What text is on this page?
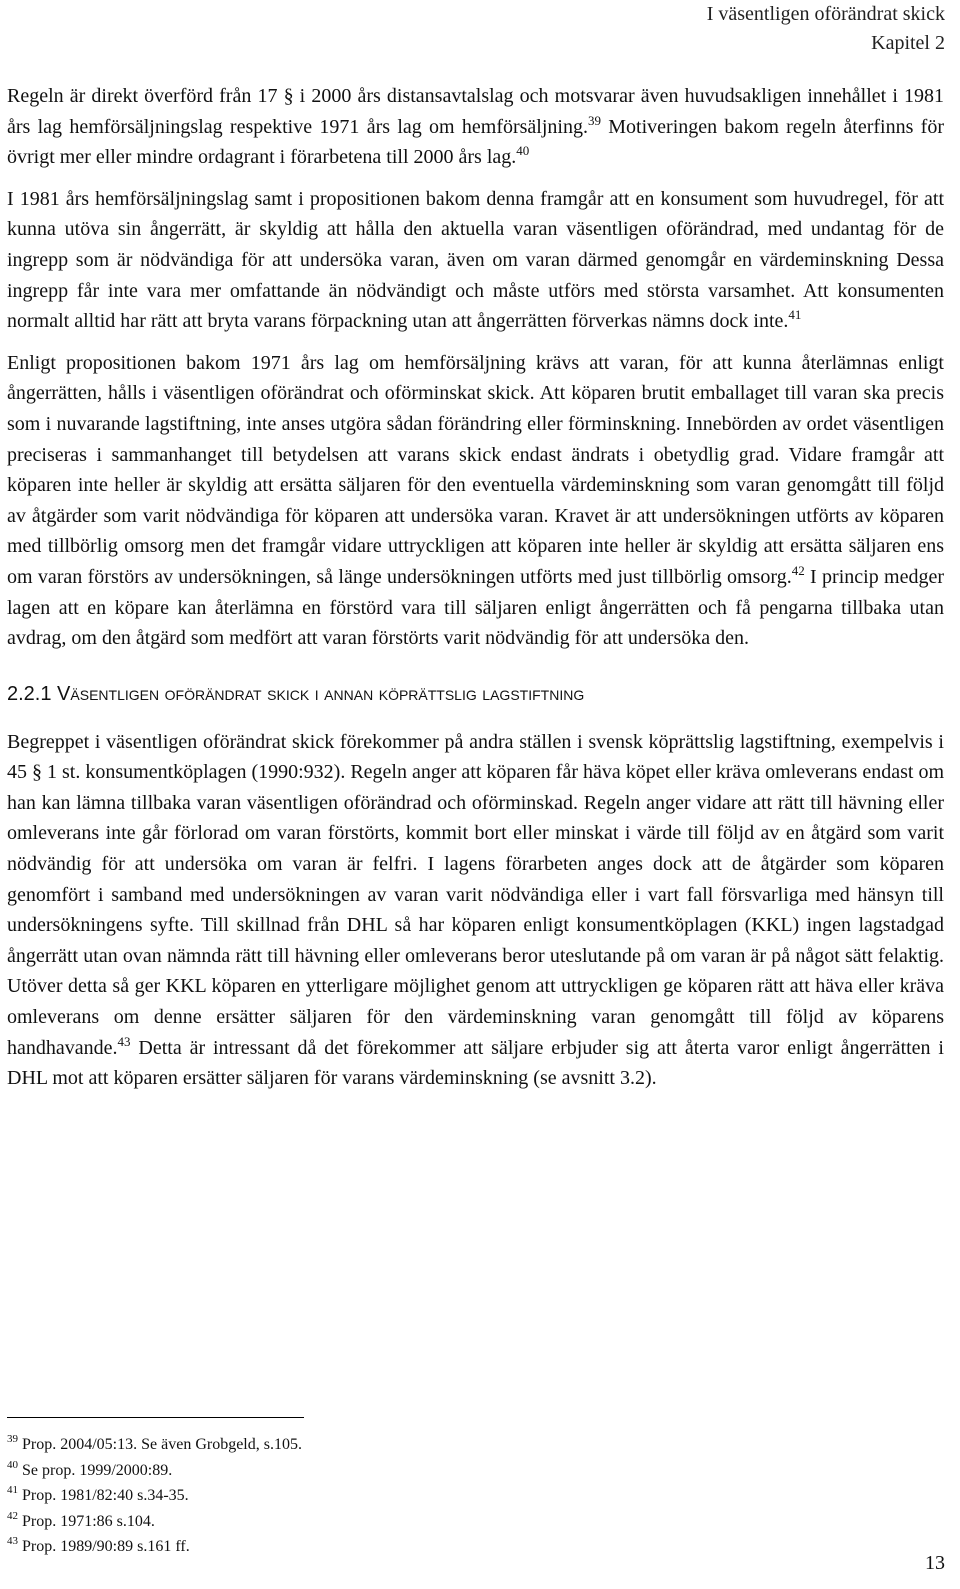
I väsentligen oförändrat skick
Kapitel 2

Regeln är direkt överförd från 17 § i 2000 års distansavtalslag och motsvarar även huvudsakligen innehållet i 1981 års lag hemförsäljningslag respektive 1971 års lag om hemförsäljning.$^{39}$ Motiveringen bakom regeln återfinns för övrigt mer eller mindre ordagrant i förarbetena till 2000 års lag.$^{40}$

I 1981 års hemförsäljningslag samt i propositionen bakom denna framgår att en konsument som huvudregel, för att kunna utöva sin ångerrätt, är skyldig att hålla den aktuella varan väsentligen oförändrad, med undantag för de ingrepp som är nödvändiga för att undersöka varan, även om varan därmed genomgår en värdeminskning Dessa ingrepp får inte vara mer omfattande än nödvändigt och måste utförs med största varsamhet. Att konsumenten normalt alltid har rätt att bryta varans förpackning utan att ångerrätten förverkas nämns dock inte.$^{41}$

Enligt propositionen bakom 1971 års lag om hemförsäljning krävs att varan, för att kunna återlämnas enligt ångerrätten, hålls i väsentligen oförändrat och oförminskat skick. Att köparen brutit emballaget till varan ska precis som i nuvarande lagstiftning, inte anses utgöra sådan förändring eller förminskning. Innebörden av ordet väsentligen preciseras i sammanhanget till betydelsen att varans skick endast ändrats i obetydlig grad. Vidare framgår att köparen inte heller är skyldig att ersätta säljaren för den eventuella värdeminskning som varan genomgått till följd av åtgärder som varit nödvändiga för köparen att undersöka varan. Kravet är att undersökningen utförts av köparen med tillbörlig omsorg men det framgår vidare uttryckligen att köparen inte heller är skyldig att ersätta säljaren ens om varan förstörs av undersökningen, så länge undersökningen utförts med just tillbörlig omsorg.$^{42}$ I princip medger lagen att en köpare kan återlämna en förstörd vara till säljaren enligt ångerrätten och få pengarna tillbaka utan avdrag, om den åtgärd som medfört att varan förstörts varit nödvändig för att undersöka den.

2.2.1 Väsentligen oförändrat skick i annan köprättslig lagstiftning

Begreppet i väsentligen oförändrat skick förekommer på andra ställen i svensk köprättslig lagstiftning, exempelvis i 45 § 1 st. konsumentköplagen (1990:932). Regeln anger att köparen får häva köpet eller kräva omleverans endast om han kan lämna tillbaka varan väsentligen oförändrad och oförminskad. Regeln anger vidare att rätt till hävning eller omleverans inte går förlorad om varan förstörts, kommit bort eller minskat i värde till följd av en åtgärd som varit nödvändig för att undersöka om varan är felfri. I lagens förarbeten anges dock att de åtgärder som köparen genomfört i samband med undersökningen av varan varit nödvändiga eller i vart fall försvarliga med hänsyn till undersökningens syfte. Till skillnad från DHL så har köparen enligt konsumentköplagen (KKL) ingen lagstadgad ångerrätt utan ovan nämnda rätt till hävning eller omleverans beror uteslutande på om varan är på något sätt felaktig. Utöver detta så ger KKL köparen en ytterligare möjlighet genom att uttryckligen ge köparen rätt att häva eller kräva omleverans om denne ersätter säljaren för den värdeminskning varan genomgått till följd av köparens handhavande.$^{43}$ Detta är intressant då det förekommer att säljare erbjuder sig att återta varor enligt ångerrätten i DHL mot att köparen ersätter säljaren för varans värdeminskning (se avsnitt 3.2).

$^{39}$ Prop. 2004/05:13. Se även Grobgeld, s.105.
$^{40}$ Se prop. 1999/2000:89.
$^{41}$ Prop. 1981/82:40 s.34-35.
$^{42}$ Prop. 1971:86 s.104.
$^{43}$ Prop. 1989/90:89 s.161 ff.
13
